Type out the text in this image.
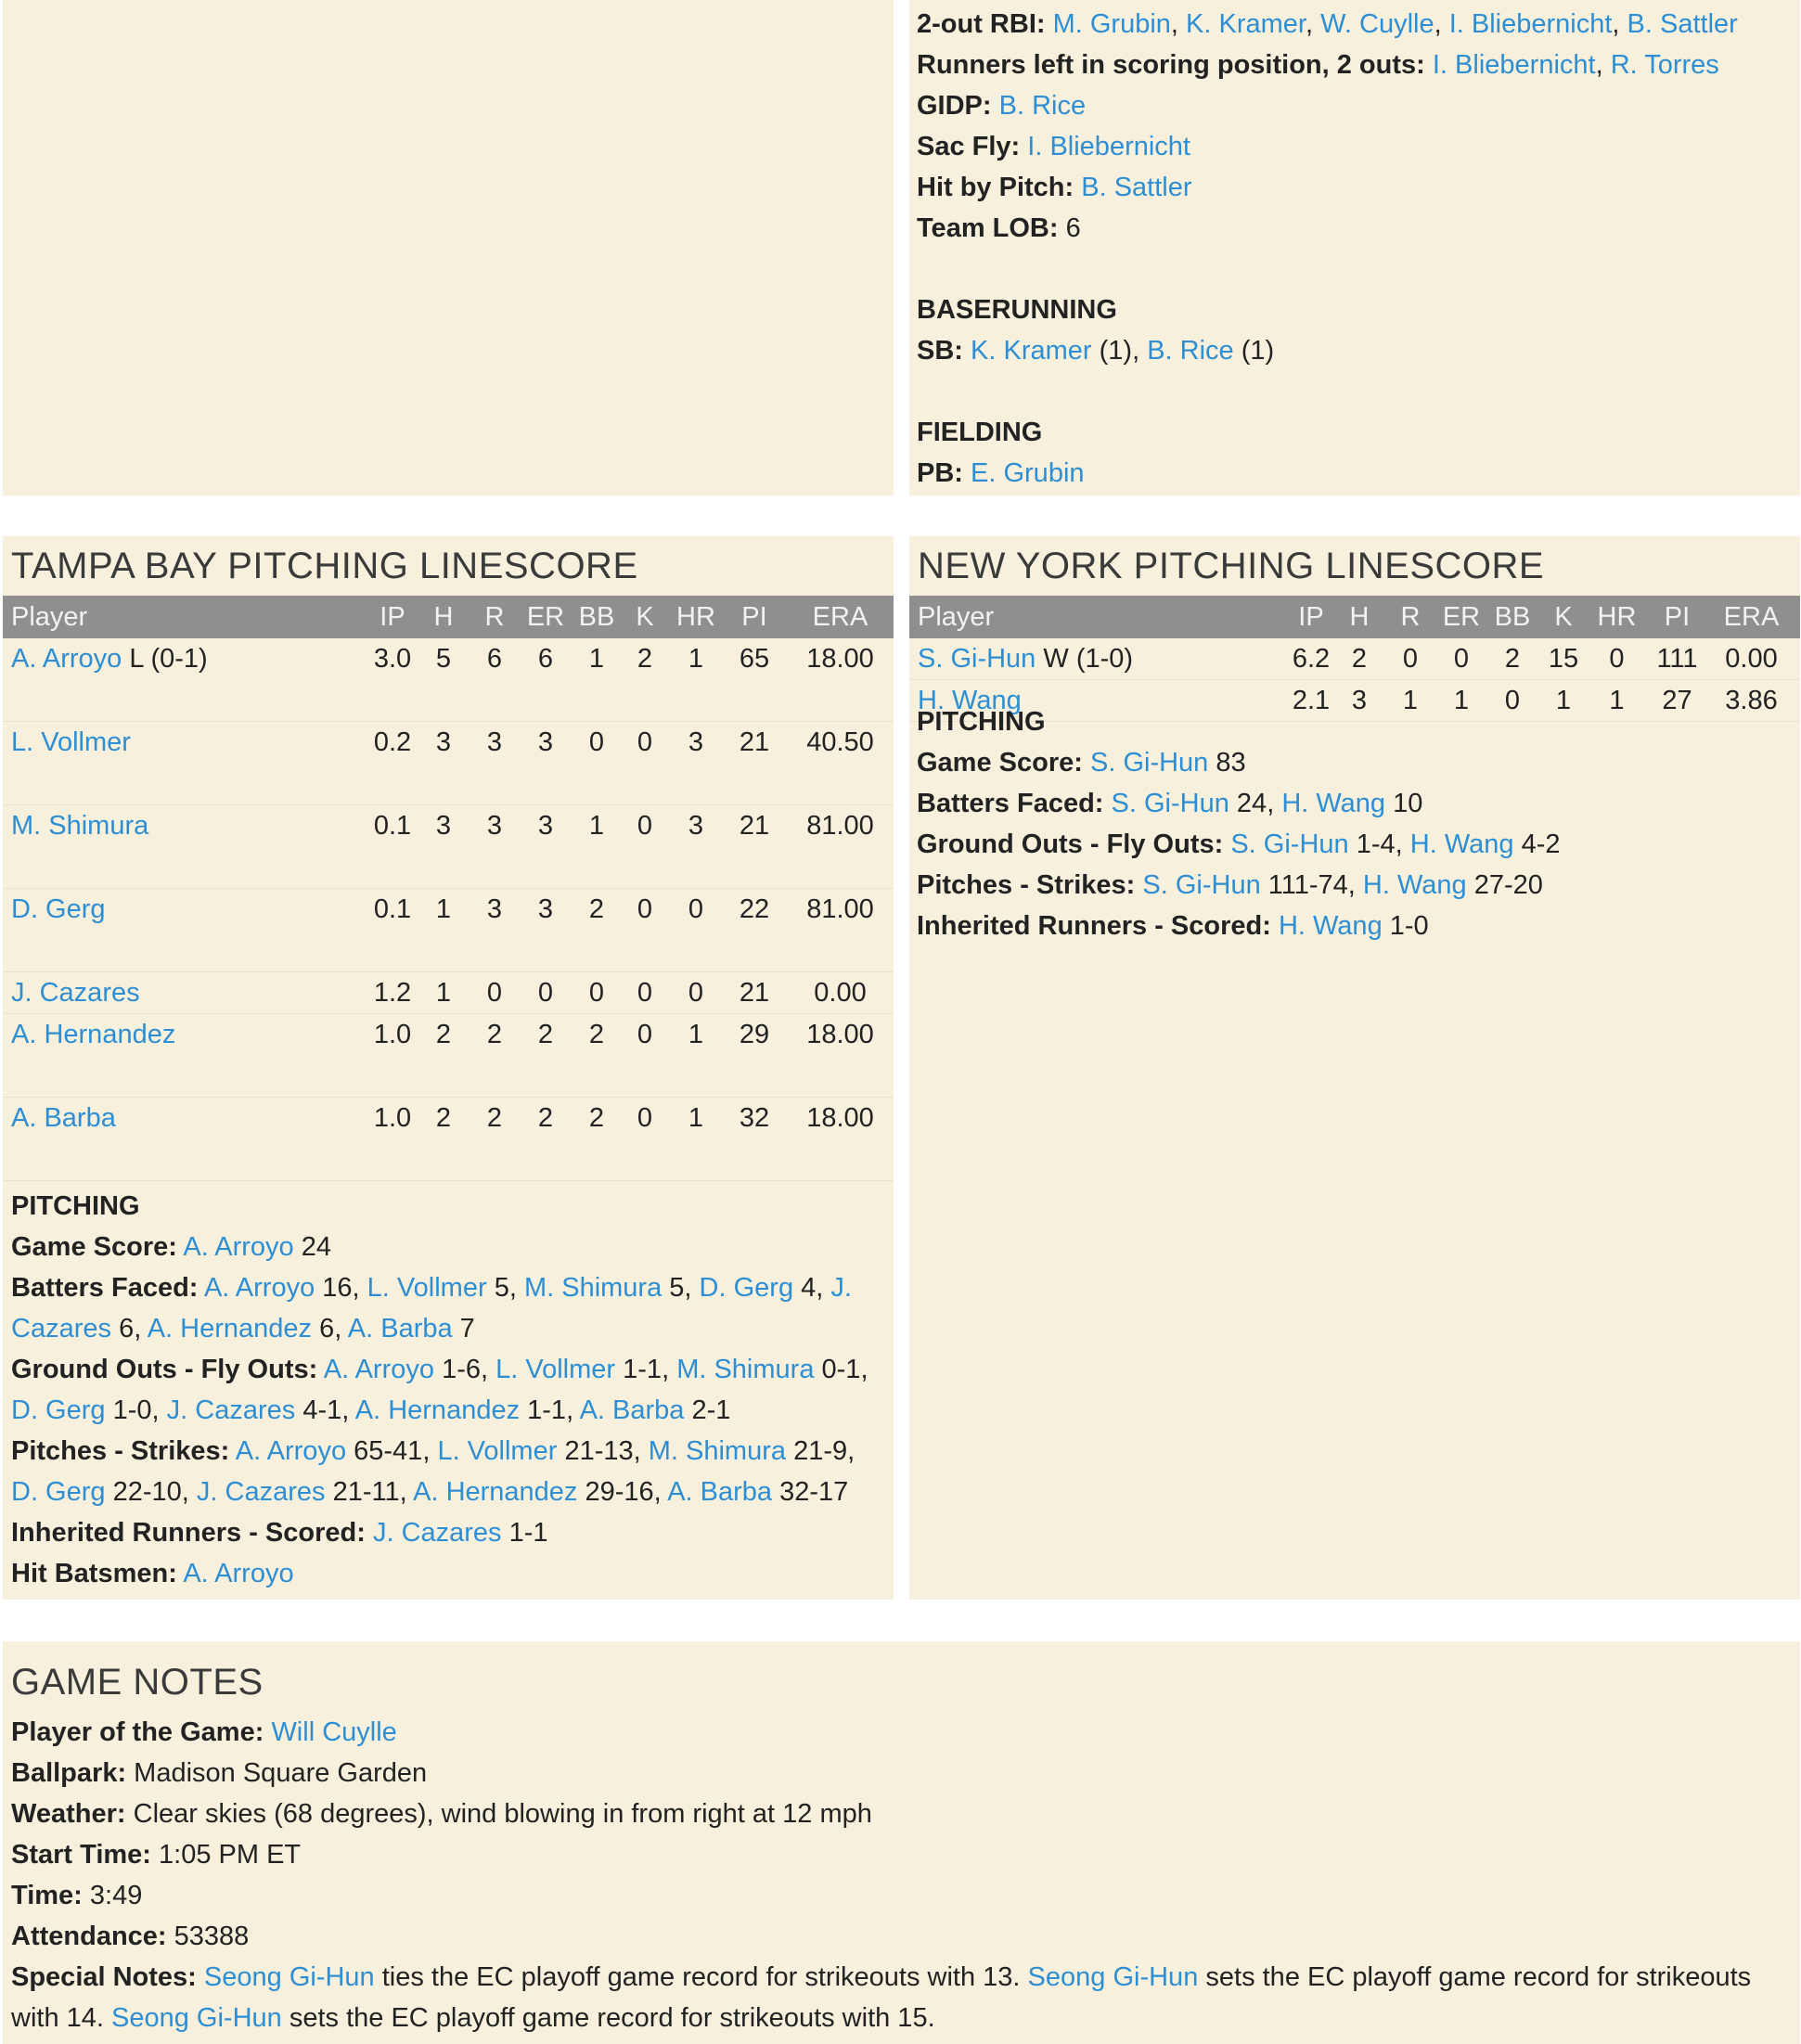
2-out RBI: M. Grubin, K. Kramer, W. Cuylle, I. Bliebernicht, B. Sattler
Runners left in scoring position, 2 outs: I. Bliebernicht, R. Torres
GIDP: B. Rice
Sac Fly: I. Bliebernicht
Hit by Pitch: B. Sattler
Team LOB: 6
BASERUNNING
SB: K. Kramer (1), B. Rice (1)
FIELDING
PB: E. Grubin
TAMPA BAY PITCHING LINESCORE
Player	IP	H	R ER BB K HR PI	ERA
A. Arroyo L (0-1)	3.0 5	6	6	1	2	1	65	18.00
L. Vollmer	0.2 3	3	3	0	0	3	21	40.50
M. Shimura	0.1 3	3	3	1	0	3	21	81.00
D. Gerg	0.1 1	3	3	2	0	0	22	81.00
J. Cazares	1.2 1	0	0	0	0	0	21	0.00
A. Hernandez	1.0 2	2	2	2	0	1	29	18.00
A. Barba	1.0 2	2	2	2	0	1	32	18.00
PITCHING
Game Score: A. Arroyo 24
Batters Faced: A. Arroyo 16, L. Vollmer 5, M. Shimura 5, D. Gerg 4, J. Cazares 6, A. Hernandez 6, A. Barba 7
Ground Outs - Fly Outs: A. Arroyo 1-6, L. Vollmer 1-1, M. Shimura 0-1, D. Gerg 1-0, J. Cazares 4-1, A. Hernandez 1-1, A. Barba 2-1
Pitches - Strikes: A. Arroyo 65-41, L. Vollmer 21-13, M. Shimura 21-9, D. Gerg 22-10, J. Cazares 21-11, A. Hernandez 29-16, A. Barba 32-17
Inherited Runners - Scored: J. Cazares 1-1
Hit Batsmen: A. Arroyo
NEW YORK PITCHING LINESCORE
Player	IP H	R ER BB K HR	PI	ERA
S. Gi-Hun W (1-0)	6.2 2	0	0	2	15	0	111	0.00
H. Wang	2.1 3	1	1	0	1	1	27	3.86
PITCHING
Game Score: S. Gi-Hun 83
Batters Faced: S. Gi-Hun 24, H. Wang 10
Ground Outs - Fly Outs: S. Gi-Hun 1-4, H. Wang 4-2
Pitches - Strikes: S. Gi-Hun 111-74, H. Wang 27-20
Inherited Runners - Scored: H. Wang 1-0
GAME NOTES
Player of the Game: Will Cuylle
Ballpark: Madison Square Garden
Weather: Clear skies (68 degrees), wind blowing in from right at 12 mph
Start Time: 1:05 PM ET
Time: 3:49
Attendance: 53388
Special Notes: Seong Gi-Hun ties the EC playoff game record for strikeouts with 13. Seong Gi-Hun sets the EC playoff game record for strikeouts with 14. Seong Gi-Hun sets the EC playoff game record for strikeouts with 15.
